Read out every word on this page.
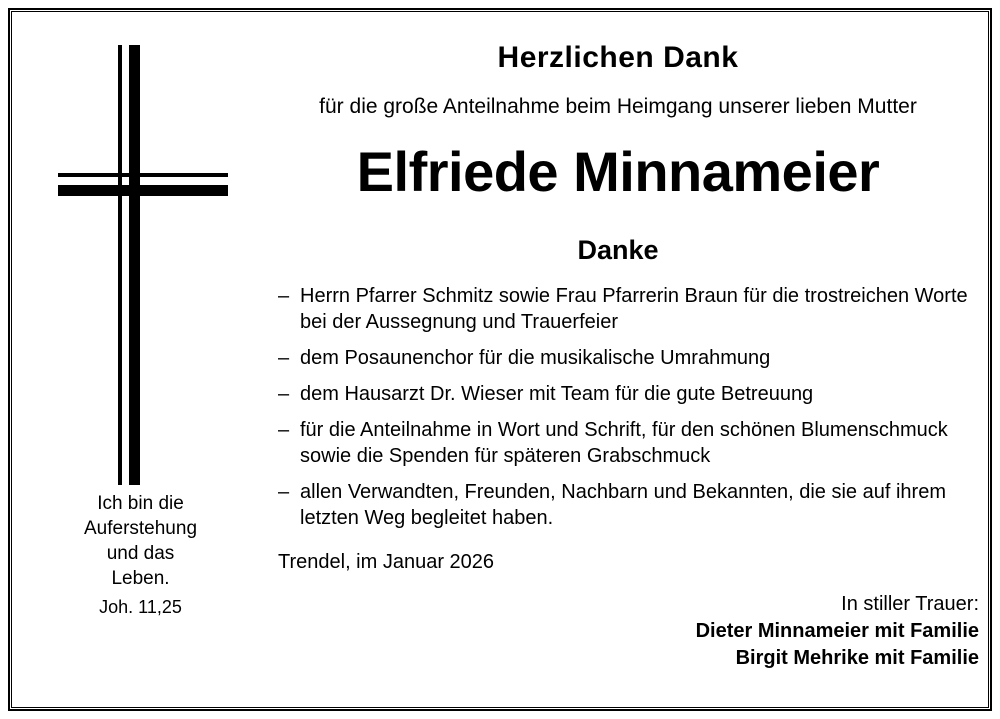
Ich bin die
Auferstehung
und das
Leben.
Joh. 11,25
Herzlichen Dank
für die große Anteilnahme beim Heimgang unserer lieben Mutter
Elfriede Minnameier
Danke
– Herrn Pfarrer Schmitz sowie Frau Pfarrerin Braun für die trostreichen Worte bei der Aussegnung und Trauerfeier
– dem Posaunenchor für die musikalische Umrahmung
– dem Hausarzt Dr. Wieser mit Team für die gute Betreuung
– für die Anteilnahme in Wort und Schrift, für den schönen Blumenschmuck sowie die Spenden für späteren Grabschmuck
– allen Verwandten, Freunden, Nachbarn und Bekannten, die sie auf ihrem letzten Weg begleitet haben.
Trendel, im Januar 2026
In stiller Trauer:
Dieter Minnameier mit Familie
Birgit Mehrike mit Familie
